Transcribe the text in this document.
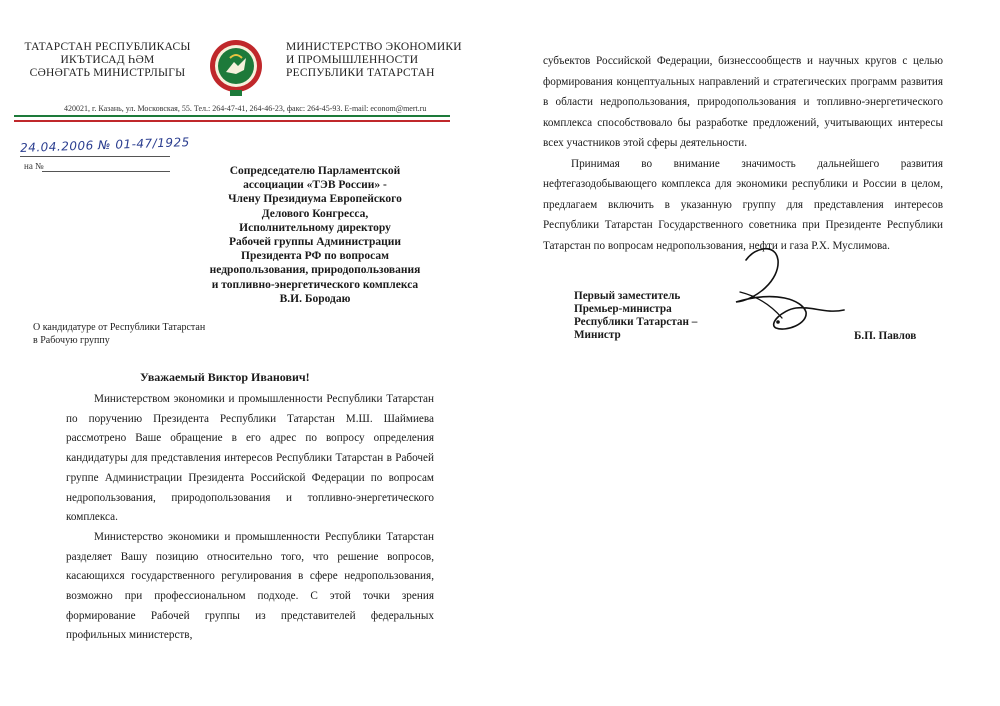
ТАТАРСТАН РЕСПУБЛИКАСЫ
ИКЪТИСАД ҺӘМ
СӘНӘГАТЬ МИНИСТРЛЫГЫ
МИНИСТЕРСТВО ЭКОНОМИКИ
И ПРОМЫШЛЕННОСТИ
РЕСПУБЛИКИ ТАТАРСТАН
420021, г. Казань, ул. Московская, 55. Тел.: 264-47-41, 264-46-23, факс: 264-45-93. E-mail: econom@mert.ru
24.04.2006 № 01-47/1925
на №	Сопредседателю Парламентской
ассоциации «ТЭВ России» -
Члену Президиума Европейского
Делового Конгресса,
Исполнительному директору
Рабочей группы Администрации
Президента РФ по вопросам
недропользования, природопользования
и топливно-энергетического комплекса
В.И. Бородаю
О кандидатуре от Республики Татарстан
в Рабочую группу
Уважаемый Виктор Иванович!

Министерством экономики и промышленности Республики Татарстан по поручению Президента Республики Татарстан М.Ш. Шаймиева рассмотрено Ваше обращение в его адрес по вопросу определения кандидатуры для представления интересов Республики Татарстан в Рабочей группе Администрации Президента Российской Федерации по вопросам недропользования, природопользования и топливно-энергетического комплекса.

Министерство экономики и промышленности Республики Татарстан разделяет Вашу позицию относительно того, что решение вопросов, касающихся государственного регулирования в сфере недропользования, возможно при профессиональном подходе. С этой точки зрения формирование Рабочей группы из представителей федеральных профильных министерств,

субъектов Российской Федерации, бизнессообществ и научных кругов с целью формирования концептуальных направлений и стратегических программ развития в области недропользования, природопользования и топливно-энергетического комплекса способствовало бы разработке предложений, учитывающих интересы всех участников этой сферы деятельности.

Принимая во внимание значимость дальнейшего развития нефтегазодобывающего комплекса для экономики республики и России в целом, предлагаем включить в указанную группу для представления интересов Республики Татарстан Государственного советника при Президенте Республики Татарстан по вопросам недропользования, нефти и газа Р.Х. Муслимова.

Первый заместитель
Премьер-министра
Республики Татарстан –
Министр	Б.П. Павлов
